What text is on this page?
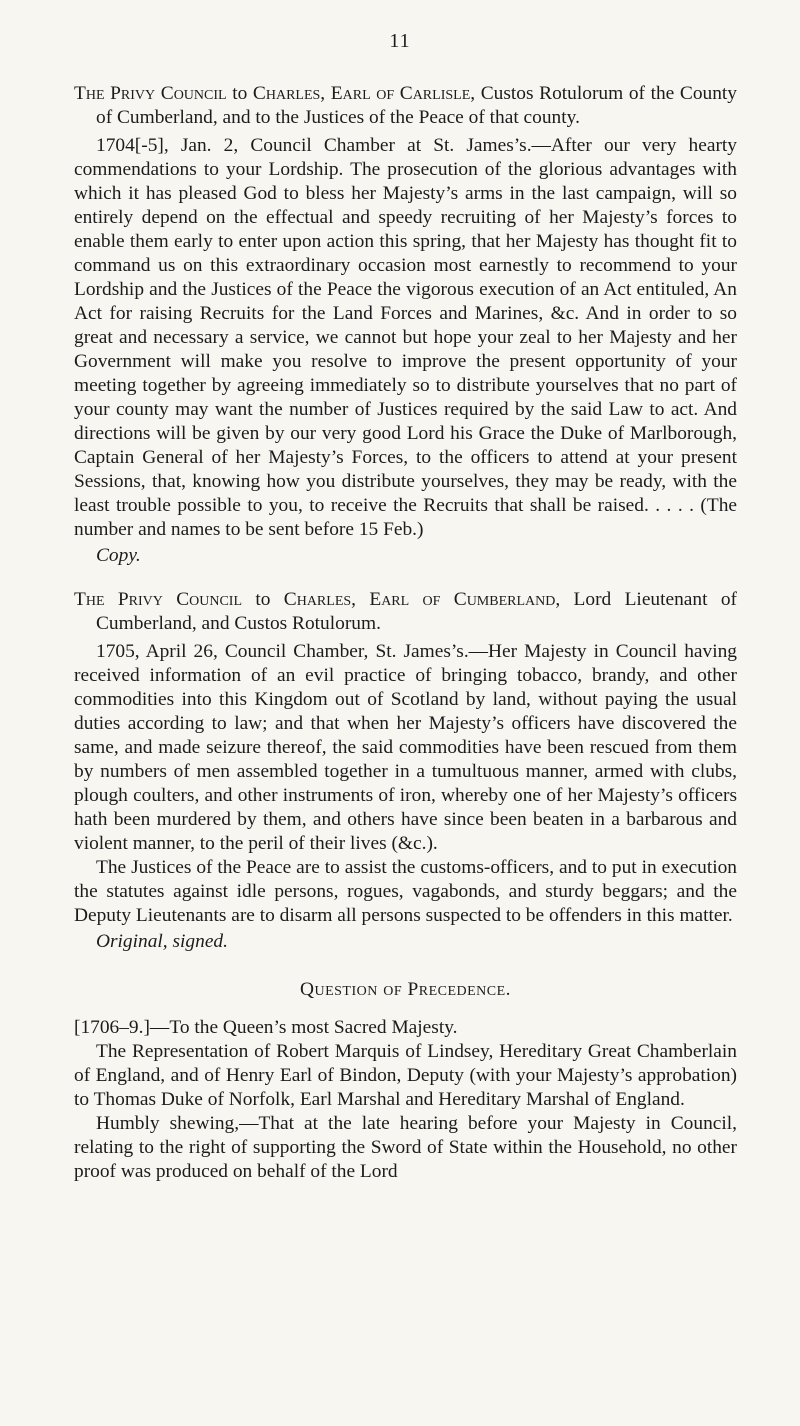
11

The Privy Council to Charles, Earl of Carlisle, Custos Rotulorum of the County of Cumberland, and to the Justices of the Peace of that county.

1704[-5], Jan. 2, Council Chamber at St. James’s.—After our very hearty commendations to your Lordship. The prosecution of the glorious advantages with which it has pleased God to bless her Majesty’s arms in the last campaign, will so entirely depend on the effectual and speedy recruiting of her Majesty’s forces to enable them early to enter upon action this spring, that her Majesty has thought fit to command us on this extraordinary occasion most earnestly to recommend to your Lordship and the Justices of the Peace the vigorous execution of an Act entituled, An Act for raising Recruits for the Land Forces and Marines, &c. And in order to so great and necessary a service, we cannot but hope your zeal to her Majesty and her Government will make you resolve to improve the present opportunity of your meeting together by agreeing immediately so to distribute yourselves that no part of your county may want the number of Justices required by the said Law to act. And directions will be given by our very good Lord his Grace the Duke of Marlborough, Captain General of her Majesty’s Forces, to the officers to attend at your present Sessions, that, knowing how you distribute yourselves, they may be ready, with the least trouble possible to you, to receive the Recruits that shall be raised. . . . . (The number and names to be sent before 15 Feb.)

Copy.

The Privy Council to Charles, Earl of Cumberland, Lord Lieutenant of Cumberland, and Custos Rotulorum.

1705, April 26, Council Chamber, St. James’s.—Her Majesty in Council having received information of an evil practice of bringing tobacco, brandy, and other commodities into this Kingdom out of Scotland by land, without paying the usual duties according to law; and that when her Majesty’s officers have discovered the same, and made seizure thereof, the said commodities have been rescued from them by numbers of men assembled together in a tumultuous manner, armed with clubs, plough coulters, and other instruments of iron, whereby one of her Majesty’s officers hath been murdered by them, and others have since been beaten in a barbarous and violent manner, to the peril of their lives (&c.).

The Justices of the Peace are to assist the customs-officers, and to put in execution the statutes against idle persons, rogues, vagabonds, and sturdy beggars; and the Deputy Lieutenants are to disarm all persons suspected to be offenders in this matter.

Original, signed.

Question of Precedence.

[1706–9.]—To the Queen’s most Sacred Majesty.

The Representation of Robert Marquis of Lindsey, Hereditary Great Chamberlain of England, and of Henry Earl of Bindon, Deputy (with your Majesty’s approbation) to Thomas Duke of Norfolk, Earl Marshal and Hereditary Marshal of England.

Humbly shewing,—That at the late hearing before your Majesty in Council, relating to the right of supporting the Sword of State within the Household, no other proof was produced on behalf of the Lord
